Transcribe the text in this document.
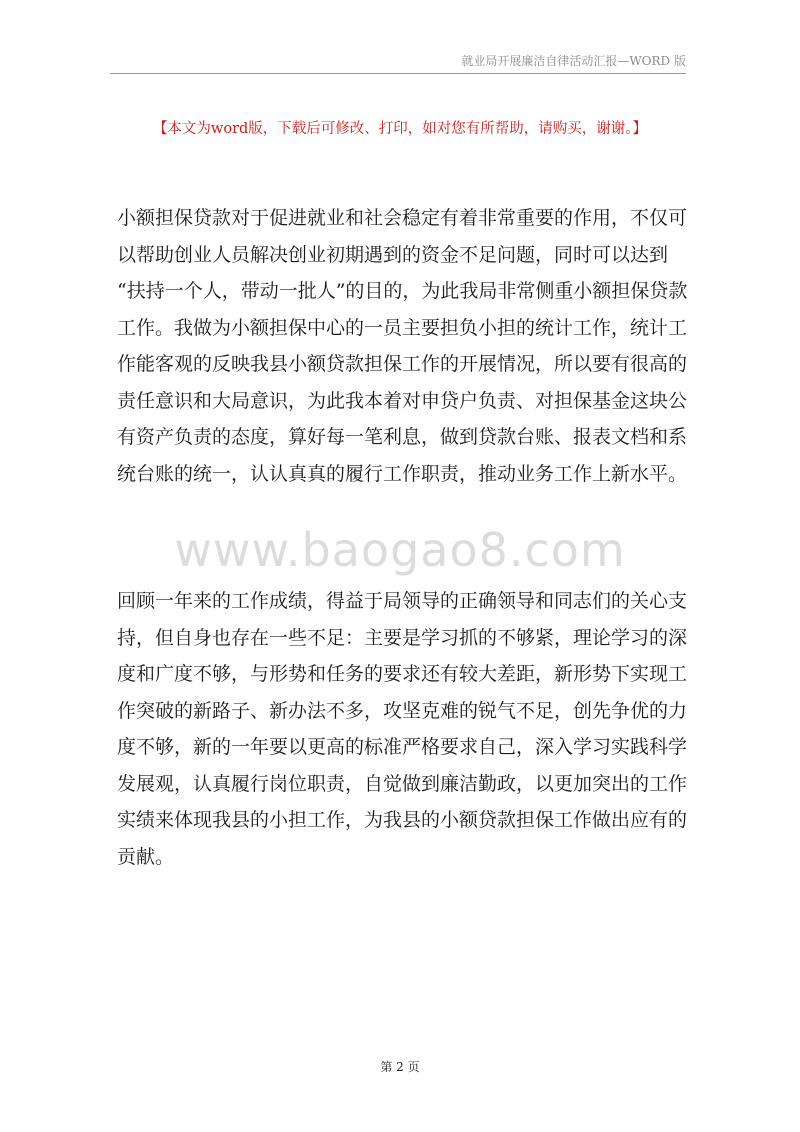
就业局开展廉洁自律活动汇报—WORD 版
【本文为word版，下载后可修改、打印，如对您有所帮助，请购买，谢谢。】

小额担保贷款对于促进就业和社会稳定有着非常重要的作用，不仅可
以帮助创业人员解决创业初期遇到的资金不足问题，同时可以达到
“扶持一个人，带动一批人”的目的，为此我局非常侧重小额担保贷款
工作。我做为小额担保中心的一员主要担负小担的统计工作，统计工
作能客观的反映我县小额贷款担保工作的开展情况，所以要有很高的
责任意识和大局意识，为此我本着对申贷户负责、对担保基金这块公
有资产负责的态度，算好每一笔利息，做到贷款台账、报表文档和系
统台账的统一，认认真真的履行工作职责，推动业务工作上新水平。

www.baogao8.com

回顾一年来的工作成绩，得益于局领导的正确领导和同志们的关心支
持，但自身也存在一些不足：主要是学习抓的不够紧，理论学习的深
度和广度不够，与形势和任务的要求还有较大差距，新形势下实现工
作突破的新路子、新办法不多，攻坚克难的锐气不足，创先争优的力
度不够，新的一年要以更高的标准严格要求自己，深入学习实践科学
发展观，认真履行岗位职责，自觉做到廉洁勤政，以更加突出的工作
实绩来体现我县的小担工作，为我县的小额贷款担保工作做出应有的
贡献。

第 2 页
